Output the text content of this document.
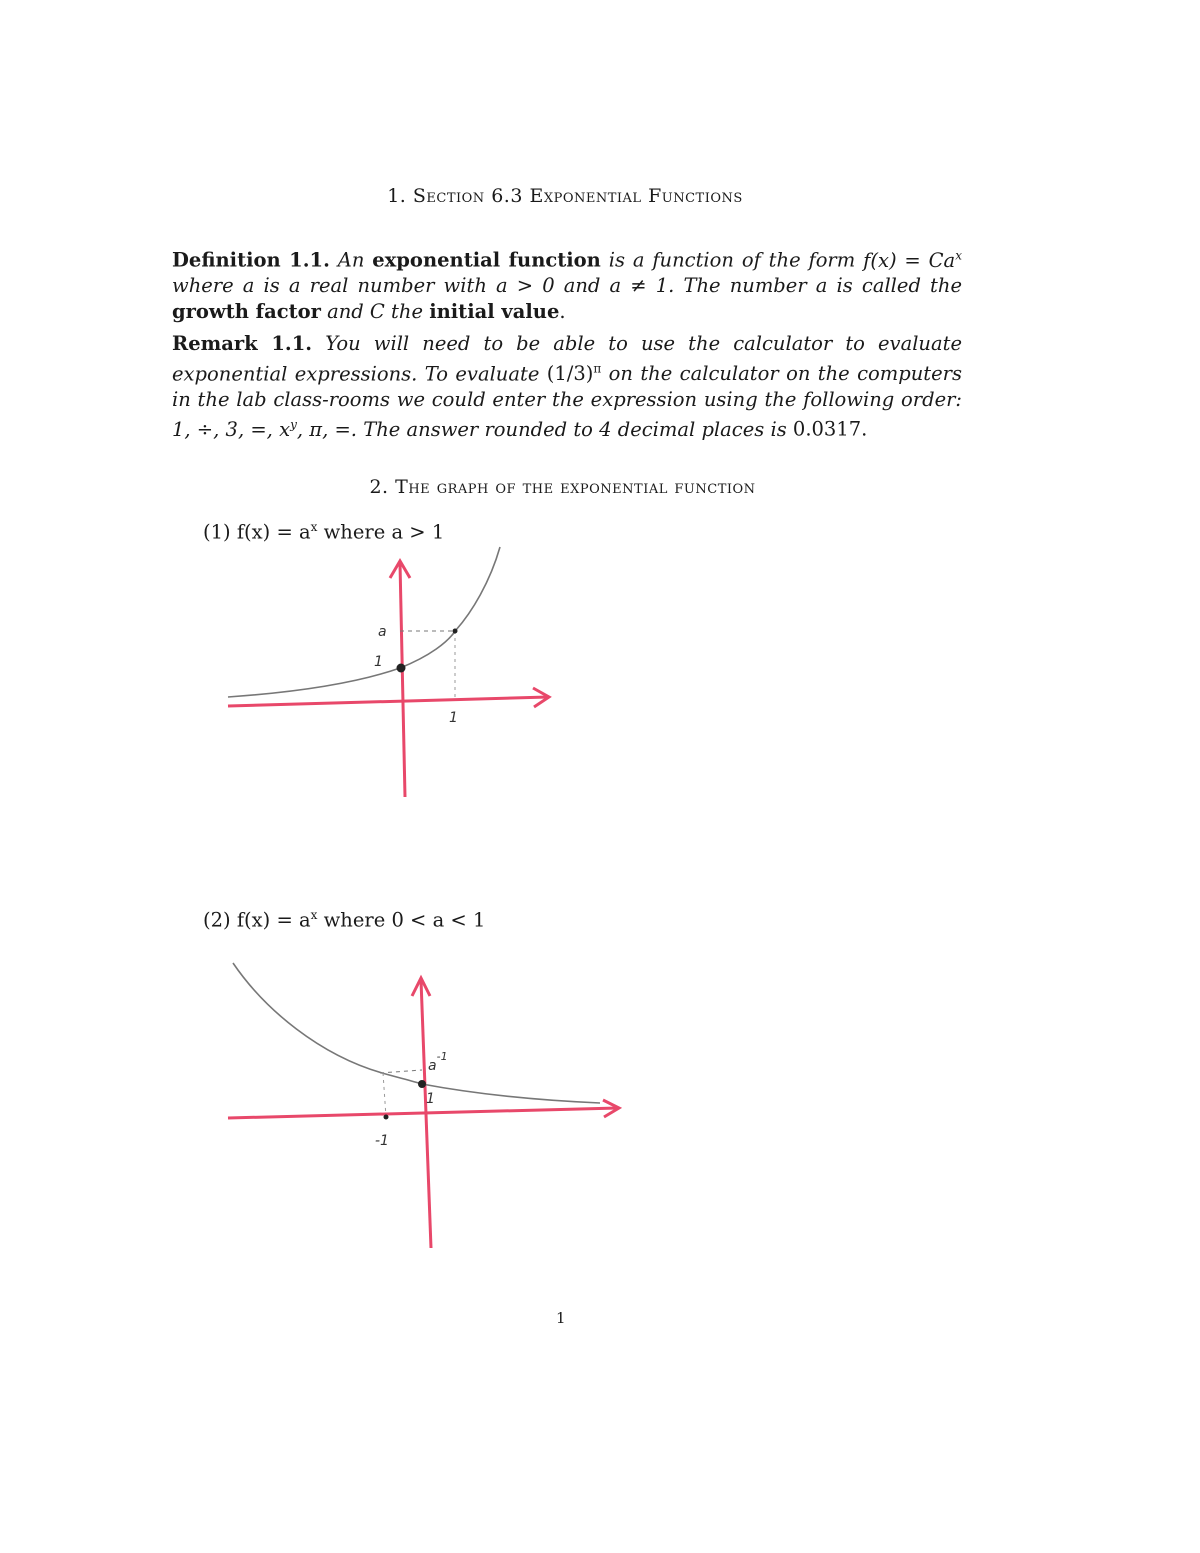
1. Section 6.3 Exponential Functions
Definition 1.1. An exponential function is a function of the form $f(x) = Ca^x$ where a is a real number with a > 0 and a ≠ 1. The number a is called the growth factor and C the initial value.
Remark 1.1. You will need to be able to use the calculator to evaluate exponential expressions. To evaluate $(1/3)^\pi$ on the calculator on the computers in the lab class-rooms we could enter the expression using the following order: 1, ÷, 3, =, $x^y$, π, =. The answer rounded to 4 decimal places is 0.0317.
2. The graph of the exponential function
(1) $f(x) = a^x$ where a > 1
a
1
1
(2) $f(x) = a^x$ where 0 < a < 1
$a^{-1}$
1
-1
1
